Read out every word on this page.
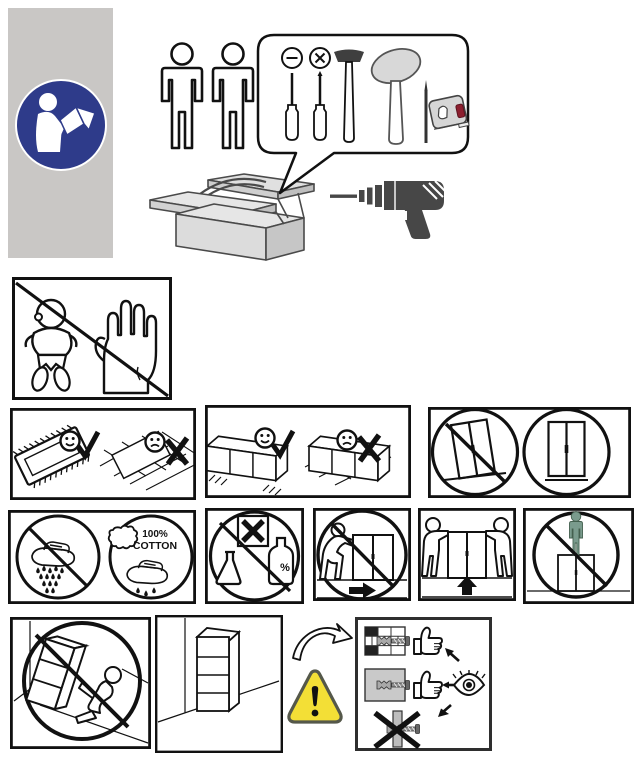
100%
COTTON
%
